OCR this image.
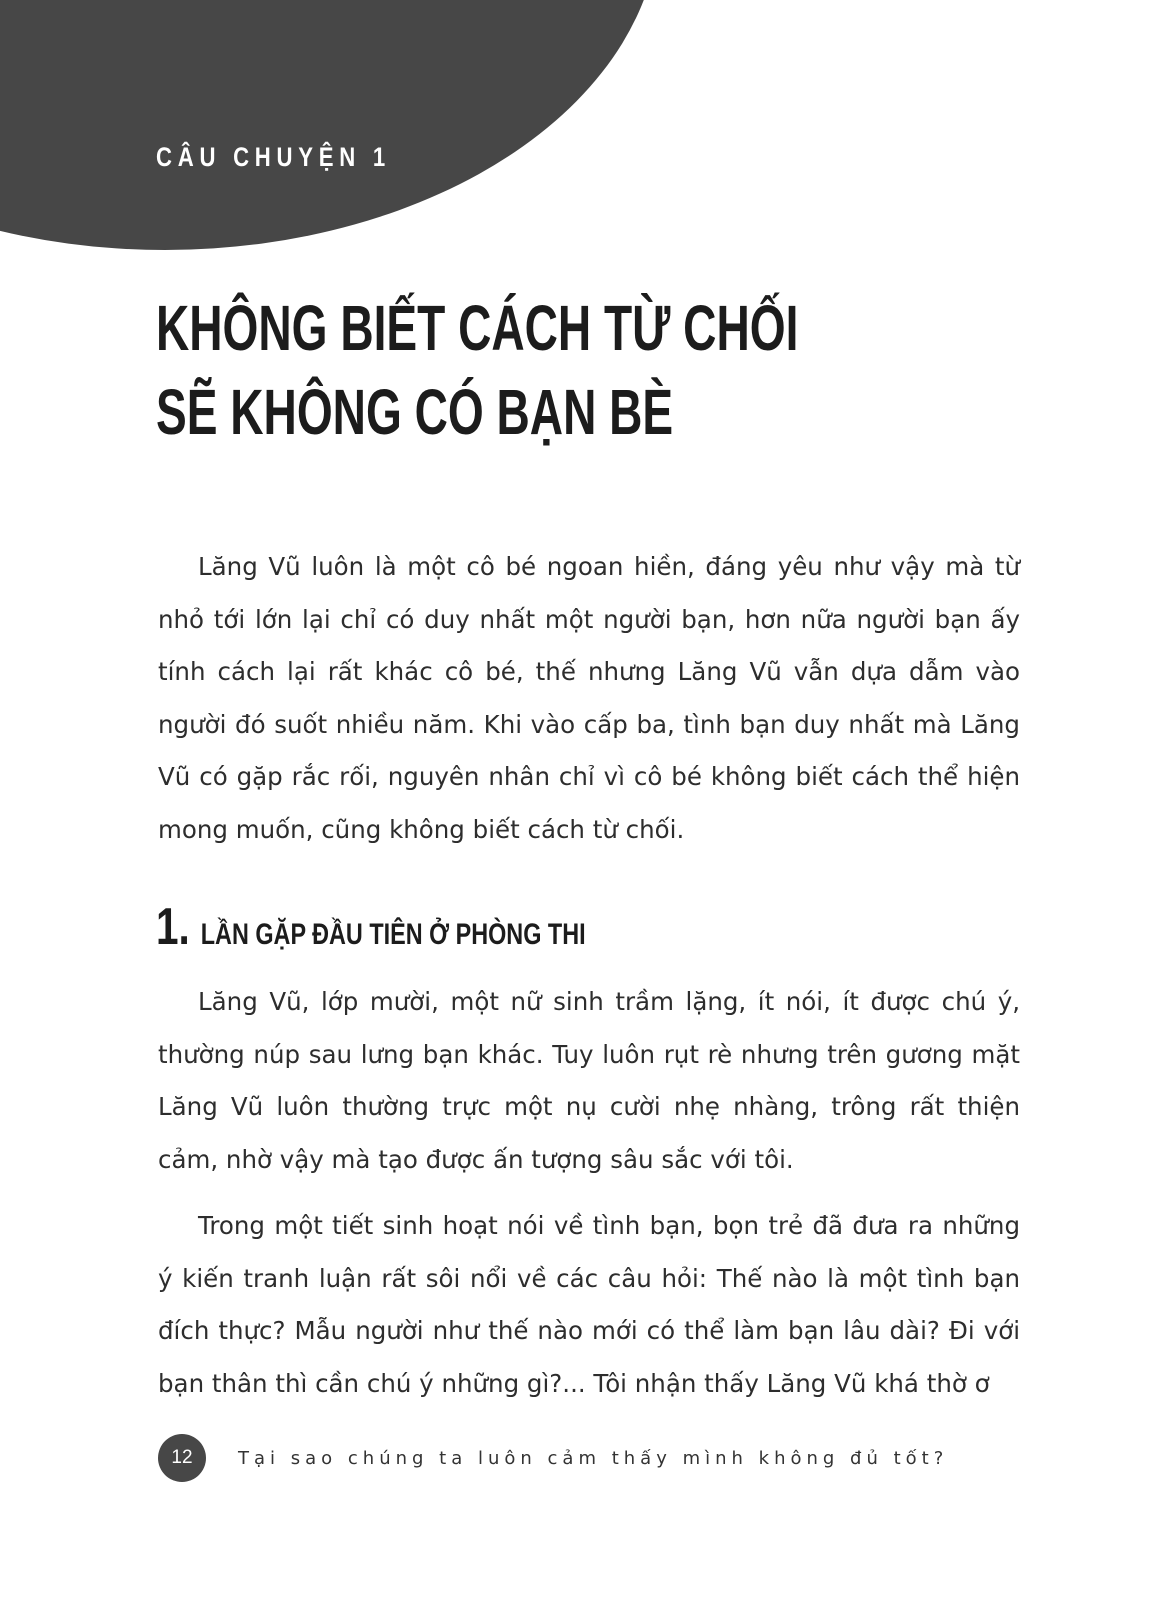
CÂU CHUYỆN 1
KHÔNG BIẾT CÁCH TỪ CHỐI
SẼ KHÔNG CÓ BẠN BÈ

Lăng Vũ luôn là một cô bé ngoan hiền, đáng yêu như vậy mà từ nhỏ tới lớn lại chỉ có duy nhất một người bạn, hơn nữa người bạn ấy tính cách lại rất khác cô bé, thế nhưng Lăng Vũ vẫn dựa dẫm vào người đó suốt nhiều năm. Khi vào cấp ba, tình bạn duy nhất mà Lăng Vũ có gặp rắc rối, nguyên nhân chỉ vì cô bé không biết cách thể hiện mong muốn, cũng không biết cách từ chối.

1. LẦN GẶP ĐẦU TIÊN Ở PHÒNG THI

Lăng Vũ, lớp mười, một nữ sinh trầm lặng, ít nói, ít được chú ý, thường núp sau lưng bạn khác. Tuy luôn rụt rè nhưng trên gương mặt Lăng Vũ luôn thường trực một nụ cười nhẹ nhàng, trông rất thiện cảm, nhờ vậy mà tạo được ấn tượng sâu sắc với tôi.

Trong một tiết sinh hoạt nói về tình bạn, bọn trẻ đã đưa ra những ý kiến tranh luận rất sôi nổi về các câu hỏi: Thế nào là một tình bạn đích thực? Mẫu người như thế nào mới có thể làm bạn lâu dài? Đi với bạn thân thì cần chú ý những gì?... Tôi nhận thấy Lăng Vũ khá thờ ơ

12	Tại sao chúng ta luôn cảm thấy mình không đủ tốt?
